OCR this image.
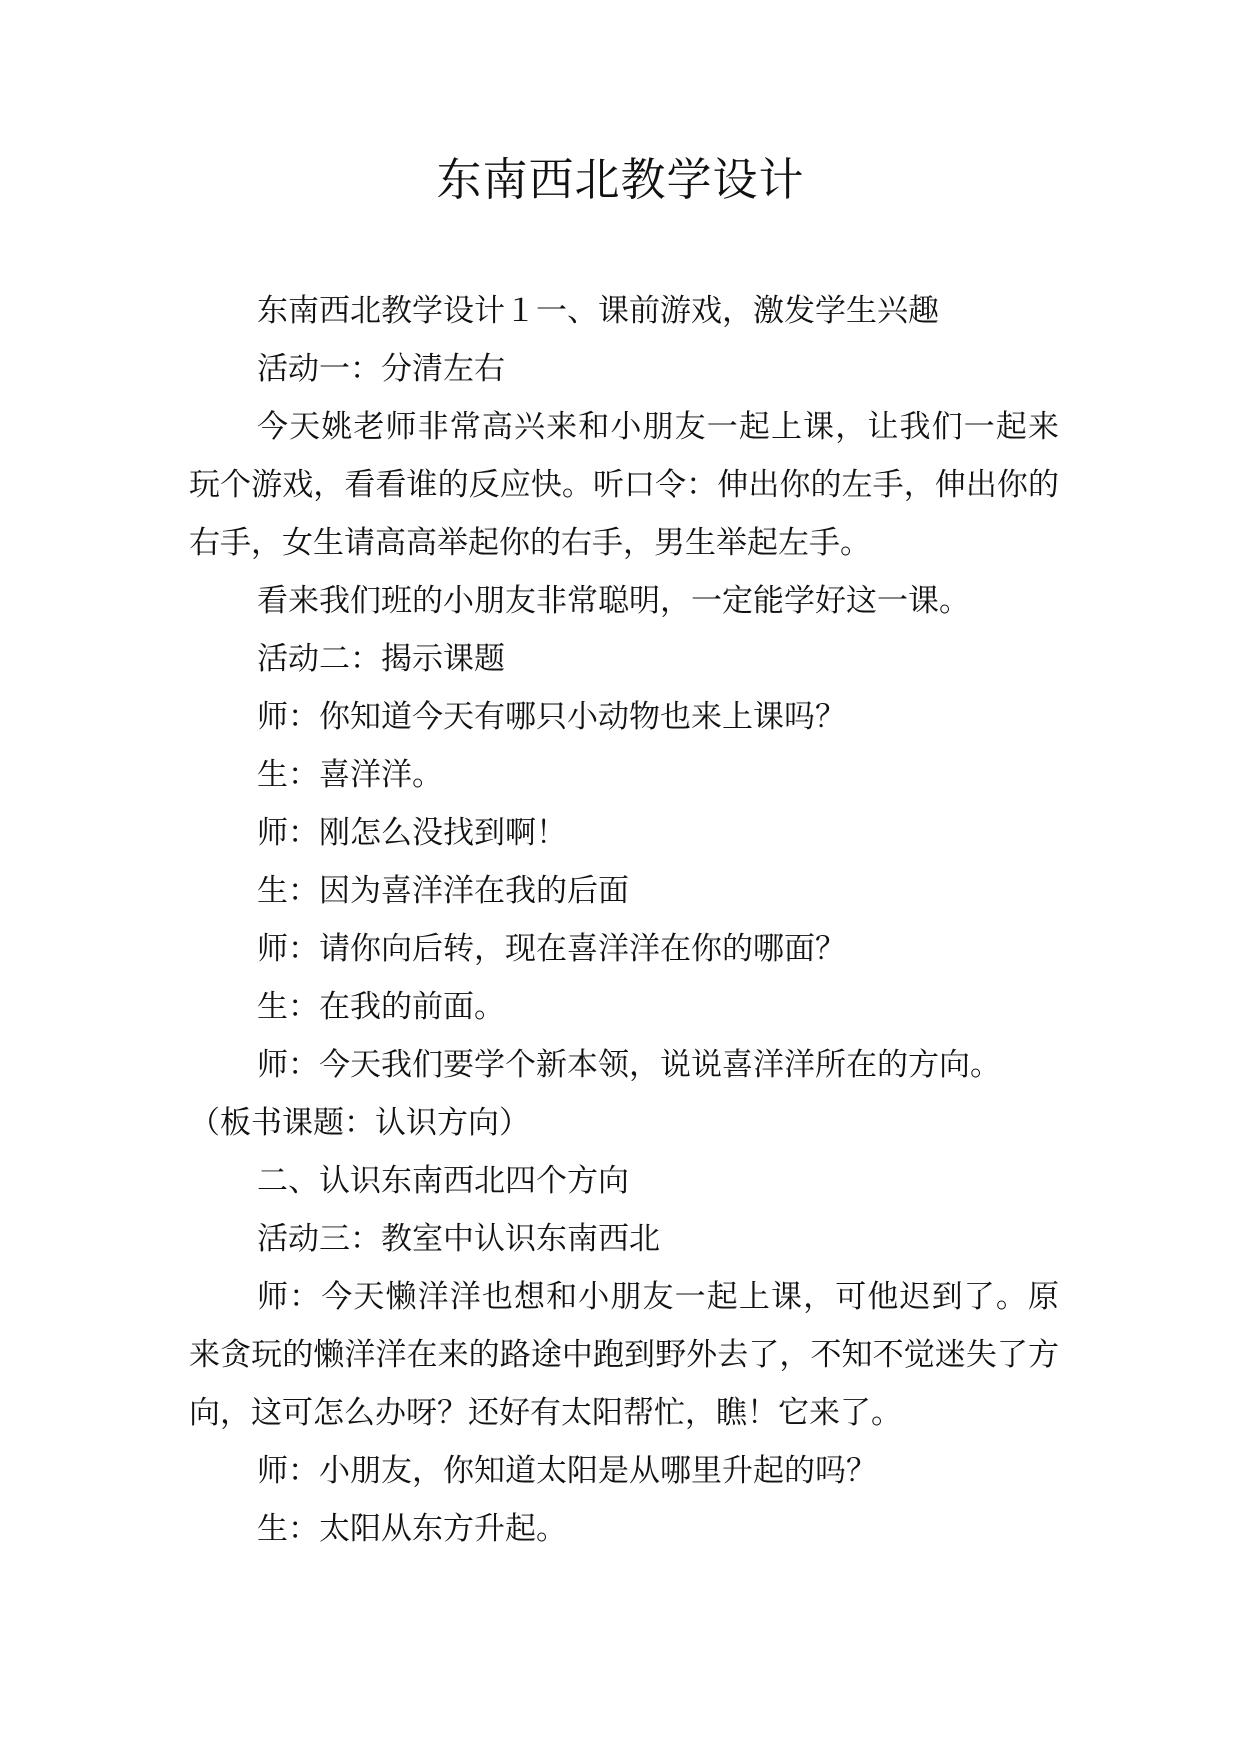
东南西北教学设计

东南西北教学设计１一、课前游戏，激发学生兴趣

活动一：分清左右

今天姚老师非常高兴来和小朋友一起上课，让我们一起来玩个游戏，看看谁的反应快。听口令：伸出你的左手，伸出你的右手，女生请高高举起你的右手，男生举起左手。

看来我们班的小朋友非常聪明，一定能学好这一课。

活动二：揭示课题

师：你知道今天有哪只小动物也来上课吗？

生：喜洋洋。

师：刚怎么没找到啊！

生：因为喜洋洋在我的后面

师：请你向后转，现在喜洋洋在你的哪面？

生：在我的前面。

师：今天我们要学个新本领，说说喜洋洋所在的方向。

（板书课题：认识方向）

二、认识东南西北四个方向

活动三：教室中认识东南西北

师：今天懒洋洋也想和小朋友一起上课，可他迟到了。原来贪玩的懒洋洋在来的路途中跑到野外去了，不知不觉迷失了方向，这可怎么办呀？还好有太阳帮忙，瞧！它来了。

师：小朋友，你知道太阳是从哪里升起的吗？

生：太阳从东方升起。
